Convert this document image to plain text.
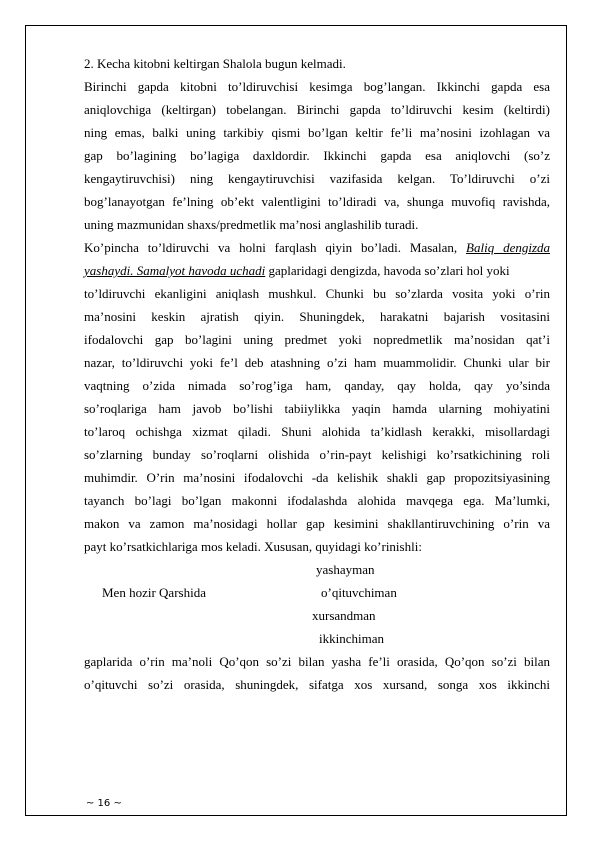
2. Kecha kitobni keltirgan Shalola bugun kelmadi.
Birinchi gapda kitobni to’ldiruvchisi kesimga bog’langan. Ikkinchi gapda esa
aniqlovchiga (keltirgan) tobelangan. Birinchi gapda to’ldiruvchi kesim (keltirdi)
ning emas, balki uning tarkibiy qismi bo’lgan keltir fe’li ma’nosini izohlagan va
gap bo’lagining bo’lagiga daxldordir. Ikkinchi gapda esa aniqlovchi (so’z
kengaytiruvchisi) ning kengaytiruvchisi vazifasida kelgan. To’ldiruvchi o’zi
bog’lanayotgan fe’lning ob’ekt valentligini to’ldiradi va, shunga muvofiq ravishda,
uning mazmunidan shaxs/predmetlik ma’nosi anglashilib turadi.
Ko’pincha to’ldiruvchi va holni farqlash qiyin bo’ladi. Masalan, Baliq dengizda
yashaydi. Samalyot havoda uchadi gaplaridagi dengizda, havoda so’zlari hol yoki
to’ldiruvchi ekanligini aniqlash mushkul. Chunki bu so’zlarda vosita yoki o’rin
ma’nosini keskin ajratish qiyin. Shuningdek, harakatni bajarish vositasini
ifodalovchi gap bo’lagini uning predmet yoki nopredmetlik ma’nosidan qat’i
nazar, to’ldiruvchi yoki fe’l deb atashning o’zi ham muammolidir. Chunki ular bir
vaqtning o’zida nimada so’rog’iga ham, qanday, qay holda, qay yo’sinda
so’roqlariga ham javob bo’lishi tabiiylikka yaqin hamda ularning mohiyatini
to’laroq ochishga xizmat qiladi. Shuni alohida ta’kidlash kerakki, misollardagi
so’zlarning bunday so’roqlarni olishida o’rin-payt kelishigi ko’rsatkichining roli
muhimdir. O’rin ma’nosini ifodalovchi -da kelishik shakli gap propozitsiyasining
tayanch bo’lagi bo’lgan makonni ifodalashda alohida mavqega ega. Ma’lumki,
makon va zamon ma’nosidagi hollar gap kesimini shakllantiruvchining o’rin va
payt ko’rsatkichlariga mos keladi. Xususan, quyidagi ko’rinishli:
yashayman
Men hozir Qarshida	o’qituvchiman
xursandman
ikkinchiman
gaplarida o’rin ma’noli Qo’qon so’zi bilan yasha fe’li orasida, Qo’qon so’zi bilan
o’qituvchi so’zi orasida, shuningdek, sifatga xos xursand, songa xos ikkinchi
~ 16 ~
